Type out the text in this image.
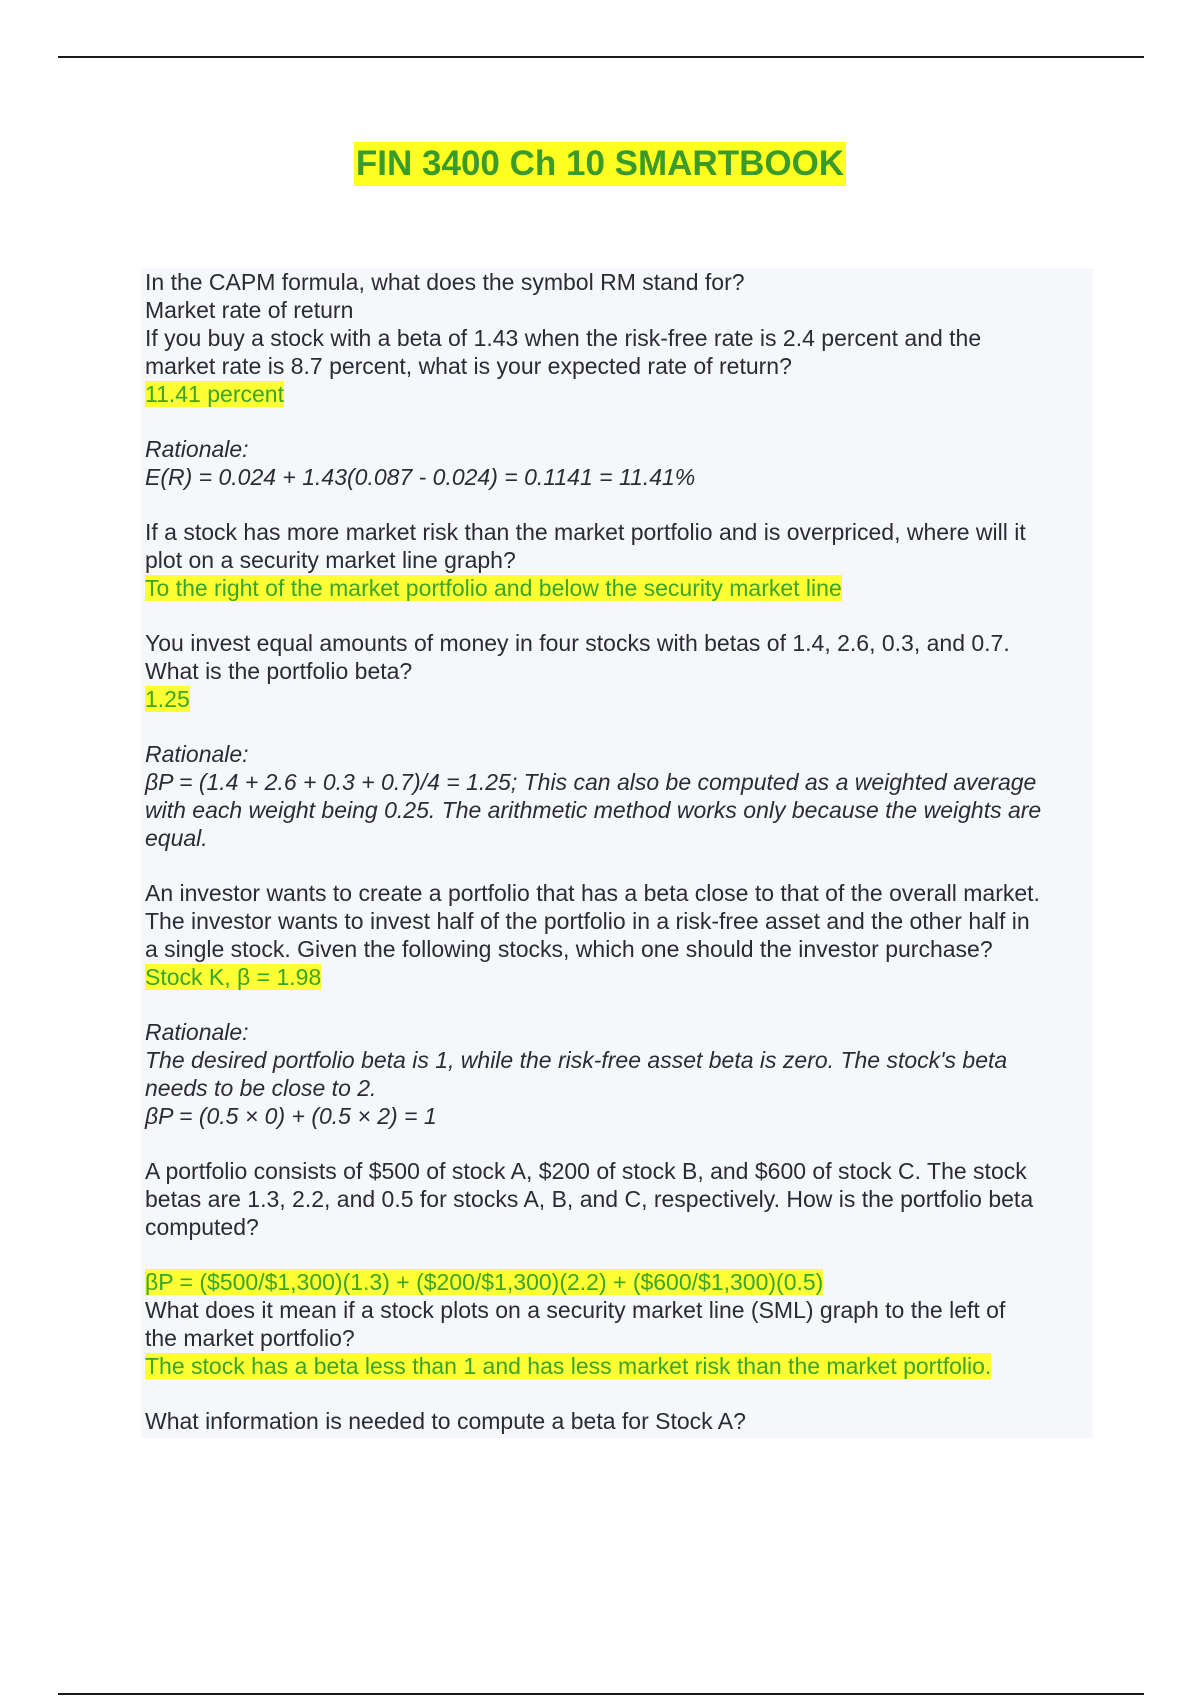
FIN 3400 Ch 10 SMARTBOOK
In the CAPM formula, what does the symbol RM stand for?
Market rate of return
If you buy a stock with a beta of 1.43 when the risk-free rate is 2.4 percent and the
market rate is 8.7 percent, what is your expected rate of return?
11.41 percent
Rationale:
E(R) = 0.024 + 1.43(0.087 - 0.024) = 0.1141 = 11.41%
If a stock has more market risk than the market portfolio and is overpriced, where will it
plot on a security market line graph?
To the right of the market portfolio and below the security market line
You invest equal amounts of money in four stocks with betas of 1.4, 2.6, 0.3, and 0.7.
What is the portfolio beta?
1.25
Rationale:
βP = (1.4 + 2.6 + 0.3 + 0.7)/4 = 1.25; This can also be computed as a weighted average
with each weight being 0.25. The arithmetic method works only because the weights are
equal.
An investor wants to create a portfolio that has a beta close to that of the overall market.
The investor wants to invest half of the portfolio in a risk-free asset and the other half in
a single stock. Given the following stocks, which one should the investor purchase?
Stock K, β = 1.98
Rationale:
The desired portfolio beta is 1, while the risk-free asset beta is zero. The stock's beta
needs to be close to 2.
βP = (0.5 × 0) + (0.5 × 2) = 1
A portfolio consists of $500 of stock A, $200 of stock B, and $600 of stock C. The stock
betas are 1.3, 2.2, and 0.5 for stocks A, B, and C, respectively. How is the portfolio beta
computed?
βP = ($500/$1,300)(1.3) + ($200/$1,300)(2.2) + ($600/$1,300)(0.5)
What does it mean if a stock plots on a security market line (SML) graph to the left of
the market portfolio?
The stock has a beta less than 1 and has less market risk than the market portfolio.
What information is needed to compute a beta for Stock A?
